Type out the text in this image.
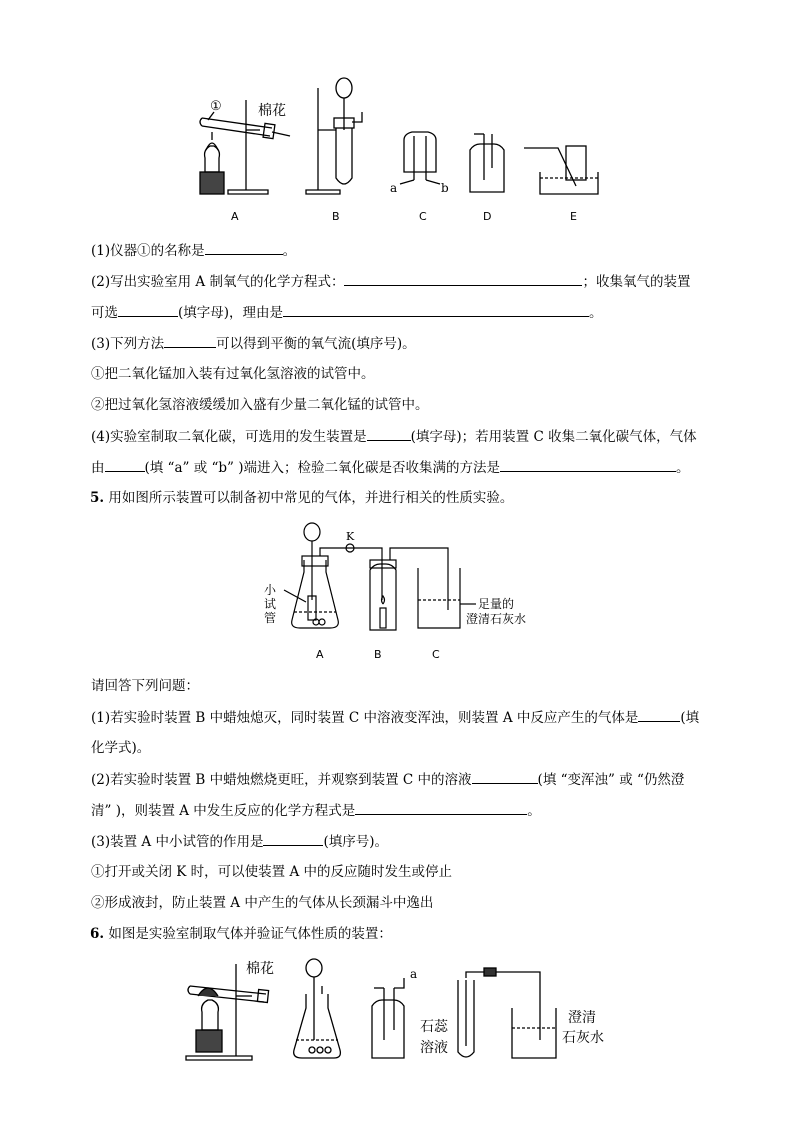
①	棉花
a	b
A	B	C	D	E
(1)仪器①的名称是	。
(2)写出实验室用 A 制氧气的化学方程式：	；收集氧气的装置
可选	(填字母)，理由是	。
(3)下列方法	可以得到平衡的氧气流(填序号)。
①把二氧化锰加入装有过氧化氢溶液的试管中。
②把过氧化氢溶液缓缓加入盛有少量二氧化锰的试管中。
(4)实验室制取二氧化碳，可选用的发生装置是	(填字母)；若用装置 C 收集二氧化碳气体，气体
由	(填 “a” 或 “b” )端进入；检验二氧化碳是否收集满的方法是	。
5. 用如图所示装置可以制备初中常见的气体，并进行相关的性质实验。
K
小
试
管
足量的
澄清石灰水
A	B	C
请回答下列问题：
(1)若实验时装置 B 中蜡烛熄灭，同时装置 C 中溶液变浑浊，则装置 A 中反应产生的气体是	(填
化学式)。
(2)若实验时装置 B 中蜡烛燃烧更旺，并观察到装置 C 中的溶液	(填 “变浑浊” 或 “仍然澄
清” )，则装置 A 中发生反应的化学方程式是	。
(3)装置 A 中小试管的作用是	(填序号)。
①打开或关闭 K 时，可以使装置 A 中的反应随时发生或停止
②形成液封，防止装置 A 中产生的气体从长颈漏斗中逸出
6. 如图是实验室制取气体并验证气体性质的装置：
棉花	a
石蕊
溶液
澄清
石灰水
